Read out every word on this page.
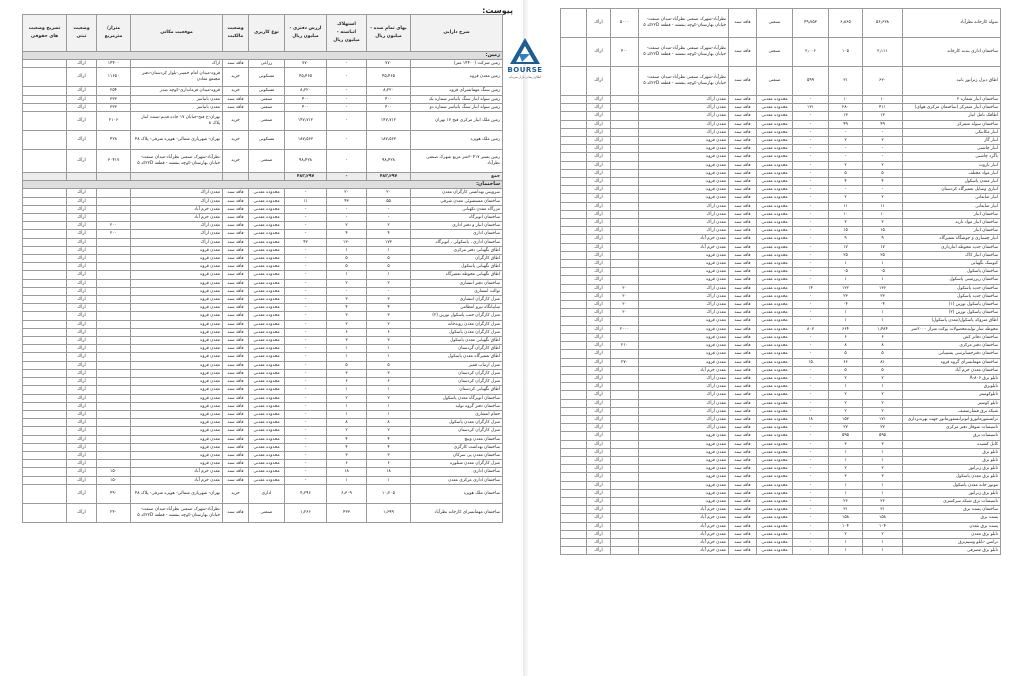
پیوست:
شرح دارایی	بهای تمام شده - میلیون ریال	استهلاک انباشته - میلیون ریال	ارزش دفتری - میلیون ریال	نوع کاربری	وضعیت مالکیت	موقعیت مکانی	متراژ/مترمربع	وضعیت ثبتی	تشریح وضعیت های حقوقی
زمین:									
زمین شرکت (۱۴۴۰۰ متر)	۷۷۰	-	۷۷۰	زراعی	فاقد سند	اراک	۱۴۴۰۰	اراک	
زمین معدن قروه	۴۵٫۴۶۵	-	۴۵٫۴۶۵	مسکونی	خرید	قروه-میدان امام خمینی-بلوار کردستان-دفتر مجتمع معادن	۱۱۶۵۰	اراک	
زمین سنگ مهمانسرای قروه	۸٫۲۲۰	-	۸٫۲۲۰	مسکونی	خرید	قروه-میدان فرمانداری-کوچه صدر	۲۵۴	اراک	
زمین سوله انبار سنگ بانیاسر شماره یک	۴۰۰	-	۴۰۰	صنعتی	فاقد سند	معدن بانیاسر	۳۳۳	اراک	
زمین سوله انبار سنگ بانیاسر شماره دو	۴۰۰	-	۴۰۰	صنعتی	فاقد سند	معدن بانیاسر	۳۳۳	اراک	
زمین ملک انبار مرکزی فتح ۱۷ تهران	۱۴۷٫۷۱۲	-	۱۴۷٫۷۱۲	صنعتی	خرید	تهران-خ فتح-خیابان ۱۷ جاده قدیم-بست انبار پلاک ۸	۲۱۰۶	اراک	
زمین ملک هویزه	۱۸۷٫۵۶۳	-	۱۸۷٫۵۶۳	مسکونی	خرید	تهران- شهرپاری شمالی- هویزه شرقی- پلاک ۴۸	۴۲۸	اراک	
زمین بستر ۳۰۴۱۷متر مربع شهرک صنعتی نظرآباد	۹۸٫۴۲۸	-	۹۸٫۴۲۸	صنعتی	خرید	نظرآباد-شهرک صنعتی نظرآباد-میدان صنعت-خیابان بهارستان-کوچه بنفشه - قطعه ۲۲Dکد ۵	۳۰۴۱۷	اراک	
جمع	۴۸۳٫۲۹۷	-	۴۸۳٫۲۹۷						
ساختمان:									
سرویس بهداشتی کارگران معدن	۲۰	۲۰	-	محدوده معدنی	فاقد سند	معدن اراک		اراک	
ساختمان مستشوئی معدن شرقی	۵۵	۴۳	۱۱	محدوده معدنی	فاقد سند	معدن اراک		اراک	
مزرگاه معدن نکهبانی	-	-	-	محدوده معدنی	فاقد سند	معدن خرم آباد		اراک	
ساختمان اتوبرگاه	-	-	-	محدوده معدنی	فاقد سند	معدن خرم آباد		اراک	
ساختمان انبار و دفتر اداری	۲	۲	-	محدوده معدنی	فاقد سند	معدن اراک	۲۰۰	اراک	
ساختمان اداری	۴	۴	-	محدوده معدنی	فاقد سند	معدن اراک	۲۰۰	اراک	
ساختمان اداری ، پاسکولی ، اتوبرگاه	۱۷۳	۱۳۰	۴۳	محدوده معدنی	فاقد سند	معدن اراک		اراک	
اطاق نگهبانی دفتر مرکزی	۱	۱	-	محدوده معدنی	فاقد سند	معدن قروه		اراک	
اطاق کارگران	۵	۵	-	محدوده معدنی	فاقد سند	معدن قروه		اراک	
اطاق نگهبانی پاسکول	۵	۵	-	محدوده معدنی	فاقد سند	معدن قروه		اراک	
اطاق نگهبانی محوطه تعمیرگاه	۱	۱	-	محدوده معدنی	فاقد سند	معدن قروه		اراک	
ساختمان دفتر انتشاری	۲	۲	-	محدوده معدنی	فاقد سند	معدن قروه		اراک	
توالت انتشاری	-	-	-	محدوده معدنی	فاقد سند	معدن قروه		اراک	
منزل کارگران انتشاری	۳	۳	-	محدوده معدنی	فاقد سند	معدن قروه		اراک	
سایبانگاه تیرو انتظامی	۴	۴	-	محدوده معدنی	فاقد سند	معدن قروه		اراک	
منزل کارگران جنب پاسکول توزین (۲)	۳	۳	-	محدوده معدنی	فاقد سند	معدن قروه		اراک	
منزل کارگران معدن روبه‌خانه	۲	۲	-	محدوده معدنی	فاقد سند	معدن قروه		اراک	
منزل کارگران معدن پاسکول	۶	۶	-	محدوده معدنی	فاقد سند	معدن قروه		اراک	
اطاق نگهبانی معدن پاسکول	۳	۳	-	محدوده معدنی	فاقد سند	معدن قروه		اراک	
اطاق کارگران گردستان	۱	۱	-	محدوده معدنی	فاقد سند	معدن قروه		اراک	
اطاق تعمیرگاه معدن پاسکول	۱	۱	-	محدوده معدنی	فاقد سند	معدن قروه		اراک	
منزل ارتباب قمیر	۵	۵	-	محدوده معدنی	فاقد سند	معدن قروه		اراک	
منزل کارگران کردستان	۳	۳	-	محدوده معدنی	فاقد سند	معدن قروه		اراک	
منزل کارگران کردستان	۶	۶	-	محدوده معدنی	فاقد سند	معدن قروه		اراک	
اطاق نگهبانی کردستان	۱	۱	-	محدوده معدنی	فاقد سند	معدن قروه		اراک	
ساختمان اتوبرگاه معدن پاسکول	۲	۲	-	محدوده معدنی	فاقد سند	معدن قروه		اراک	
ساختمان دفتر گروه تولید	۱	۱	-	محدوده معدنی	فاقد سند	معدن قروه		اراک	
حمام انتشاری	۱	۱	-	محدوده معدنی	فاقد سند	معدن قروه		اراک	
منزل کارگران معدن پاسکول	۸	۸	-	محدوده معدنی	فاقد سند	معدن قروه		اراک	
منزل کارگران کردستان	۲	۲	-	محدوده معدنی	فاقد سند	معدن قروه		اراک	
ساختمان معدن وبیچ	۴	۴	-	محدوده معدنی	فاقد سند	معدن قروه		اراک	
ساختمان بهداشت کارگری	۴	۴	-	محدوده معدنی	فاقد سند	معدن قروه		اراک	
ساختمان معدن پی سرکان	۳	۳	-	محدوده معدنی	فاقد سند	معدن قروه		اراک	
منزل کارگران معدن شنلوره	۶	۶	-	محدوده معدنی	فاقد سند	معدن قروه		اراک	
ساختمان اداری	۱۸	۱۸	-	محدوده معدنی	فاقد سند	معدن خرم آباد	۱۵۰	اراک	
ساختمان اداری مرکزی معدن	۱	۱	-	محدوده معدنی	فاقد سند	معدن خرم آباد	۱۵۰	اراک	
ساختمان ملک هویزه	۱۰٫۲۰۵	۶٫۳۰۹	۴٫۲۹۶	اداری	خرید	تهران- شهرپاری شمالی- هویزه شرقی- پلاک ۴۸	۴۹۰	اراک	
ساختمان مهمانسرای کارخانه نظرآباد	۱٫۶۹۹	۴۳۳	۱٫۲۶۶	صنعتی	فاقد سند	نظرآباد-شهرک صنعتی نظرآباد-میدان صنعت-خیابان بهارستان-کوچه بنفشه - قطعه ۲۲Dکد ۵	۲۴۰	اراک	
BOURSE
اطلاع رسانی بازار سرمایه
سوله کارخانه نظرآباد	۵۶٫۶۳۸	۶٫۸۶۵	۴۹٫۷۵۳	صنعتی	فاقد سند	نظرآباد-شهرک صنعتی نظرآباد-میدان صنعت-خیابان بهارستان-کوچه بنفشه - قطعه ۲۲Dکد ۵	۵۰۰۰	اراک	
ساختمان اداری بندبه کارخانه	۲٫۱۱۱	۱۰۵	۲٫۰۰۶	صنعتی	فاقد سند	نظرآباد-شهرک صنعتی نظرآباد-میدان صنعت-خیابان بهارستان-کوچه بنفشه - قطعه ۲۲Dکد ۵	۴۰۰	اراک	
اطاق دیزل ژنراتور بانید	۶۳۰	۳۱	۵۹۹	صنعتی	فاقد سند	نظرآباد-شهرک صنعتی نظرآباد-میدان صنعت-خیابان بهارستان-کوچه بنفشه - قطعه ۲۲Dکد ۵		اراک	
ساختمان انبار شماره ۲	۱۰	۱۰	-	محدوده معدنی	فاقد سند	معدن اراک		اراک	
ساختمان انبار متمرکز (ساختمان مرکزی هوای)	۴۱۱	۲۸۰	۱۳۱	محدوده معدنی	فاقد سند	معدن اراک		اراک	
اطاقک تامل انبار	۱۳	۱۳	-	محدوده معدنی	فاقد سند	معدن اراک		اراک	
ساختمان سوله متمرکز	۴۹	۴۹	-	محدوده معدنی	فاقد سند	معدن اراک		اراک	
انبار مکانیکی	-	-	-	محدوده معدنی	فاقد سند	معدن اراک		اراک	
انبار گاز	۲	۲	-	محدوده معدنی	فاقد سند	معدن قروه		اراک	
انبار چاشنی	-	-	-	محدوده معدنی	فاقد سند	معدن قروه		اراک	
باگرد چاشنی	-	-	-	محدوده معدنی	فاقد سند	معدن قروه		اراک	
انبار باروت	۲	۲	-	محدوده معدنی	فاقد سند	معدن قروه		اراک	
انبار مواد مختلف	۵	۵	-	محدوده معدنی	فاقد سند	معدن قروه		اراک	
انبار معدن پاسکول	۴	۴	-	محدوده معدنی	فاقد سند	معدن قروه		اراک	
انباری وسایل تعمیرگاه کردستان	-	-	-	محدوده معدنی	فاقد سند	معدن قروه		اراک	
انبار ضایعاتی	۲	۲	-	محدوده معدنی	فاقد سند	معدن قروه		اراک	
انبار ضایعاتی	۱۱	۱۱	-	محدوده معدنی	فاقد سند	معدن اراک		اراک	
ساختمان انبار	۱۰	۱۰	-	محدوده معدنی	فاقد سند	معدن اراک		اراک	
ساختمان انبار مواد نارنه	۳	۳	-	محدوده معدنی	فاقد سند	معدن اراک		اراک	
ساختمان انبار	۱۵	۱۵	-	محدوده معدنی	فاقد سند	معدن اراک		اراک	
انبار چسباری و جوشگاه تعمیرگاه	۹	۹	-	محدوده معدنی	فاقد سند	معدن خرم آباد		اراک	
ساختمان جدید محوطه انبارداری	۱۷	۱۷	-	محدوده معدنی	فاقد سند	معدن خرم آباد		اراک	
ساختمان انبار کاک	۲۵	۲۵	-	محدوده معدنی	فاقد سند	معدن قروه		اراک	
کیوسک نگهبانی	۱	۱	-	محدوده معدنی	فاقد سند	معدن قروه		اراک	
ساختمان پاسکول	۰۵	۰۵	-	محدوده معدنی	فاقد سند	معدن قروه		اراک	
ساختمان زیرزمینی پاسکول	۱	۱	-	محدوده معدنی	فاقد سند	معدن قروه		اراک	
ساختمان جدید پاسکول	۱۳۶	۱۲۲	۱۴	محدوده معدنی	فاقد سند	معدن اراک	۲۰	اراک	
ساختمان جدید پاسکول	۲۳	۲۳	-	محدوده معدنی	فاقد سند	معدن اراک	۲۰	اراک	
ساختمان پاسکول توزین (۱)	۰۴	۰۴	-	محدوده معدنی	فاقد سند	معدن اراک	۲۰	اراک	
ساختمان پاسکول توزین (۲)	۱	۱	-	محدوده معدنی	فاقد سند	معدن اراک	۲۰	اراک	
اطاق متروکه پاسکول(معدن پاسکول)	۱	۱	-	محدوده معدنی	فاقد سند	معدن قروه		اراک	
محوطه ساز تولیدمحصولات بوکت متراژ ۲۰۰۰متر	۱٫۴۸۴	۶۶۴	۸۰۷	محدوده معدنی	فاقد سند	معدن قروه	۲۰۰۰	اراک	
ساختمان دفاتر کش	۶	۶	-	محدوده معدنی	فاقد سند	معدن قروه		اراک	
ساختمان دفتر مرکزی	۸	۸	-	محدوده معدنی	فاقد سند	معدن قروه	۲۱۰	اراک	
ساختمان دفترحسابرسی پشتیبانی	۵	۵	-	محدوده معدنی	فاقد سند	معدن قروه		اراک	
ساختمان مهمانسرای گروه قروه	۸۱	۶۶	۱۵	محدوده معدنی	فاقد سند	معدن قروه	۲۷۰	اراک	
ساختمان معدن خرم آباد	۵	۵	-	محدوده معدنی	فاقد سند	معدن خرم آباد		اراک	
تابلو برق ۸۰۶-A	۲	۲	-	محدوده معدنی	فاقد سند	معدن اراک		اراک	
تابلوبرق	۱	۱	-	محدوده معدنی	فاقد سند	معدن اراک		اراک	
تابلوکوستر	۲	۲	-	محدوده معدنی	فاقد سند	معدن اراک		اراک	
تابلو کوستر	۲	۲	-	محدوده معدنی	فاقد سند	معدن اراک		اراک	
شبکه برق فشارضعیف	۲	۲	-	محدوده معدنی	فاقد سند	معدن اراک		اراک	
ترانسفورماتورو اتوترانسفورماتور جهت بهره‌برداری	۱۷۱	۱۵۳	۱۸	محدوده معدنی	فاقد سند	معدن اراک		اراک	
تاسیسات شوفاژ دفتر مرکزی	۲۷	۲۷	-	محدوده معدنی	فاقد سند	معدن اراک		اراک	
تاسیسات برق	۵۹۵	۵۹۵	-	محدوده معدنی	فاقد سند	معدن قروه		اراک	
کابل کشیده	۳	۳	-	محدوده معدنی	فاقد سند	معدن قروه		اراک	
تابلو برق	۱	۱	-	محدوده معدنی	فاقد سند	معدن قروه		اراک	
تابلو برق	۱	۱	-	محدوده معدنی	فاقد سند	معدن قروه		اراک	
تابلو برق ژنراتور	۲	۲	-	محدوده معدنی	فاقد سند	معدن قروه		اراک	
تابلو برق معدن پاسکول	۳	۳	-	محدوده معدنی	فاقد سند	معدن قروه		اراک	
موتور خانه معدن پاسکول	۱	۱	-	محدوده معدنی	فاقد سند	معدن قروه		اراک	
تابلو برق ژنراتور	۱	۱	-	محدوده معدنی	فاقد سند	معدن قروه		اراک	
تاسیسات برق شبکه سرکسری	۲۶	۲۶	-	محدوده معدنی	فاقد سند	معدن قروه		اراک	
ساختمان پست برق	۳۱	۳۱	-	محدوده معدنی	فاقد سند	معدن خرم آباد		اراک	
پست برق	۱۵۸	۱۵۸	-	محدوده معدنی	فاقد سند	معدن خرم آباد		اراک	
پست برق معدن	۱۰۴	۱۰۴	-	محدوده معدنی	فاقد سند	معدن خرم آباد		اراک	
تابلو برق معدن	۲	۲	-	محدوده معدنی	فاقد سند	معدن خرم آباد		اراک	
ترانس -تابلو وسیم‌برق	۱	۱	-	محدوده معدنی	فاقد سند	معدن خرم آباد		اراک	
تابلو برق مصرفی	۱	۱	-	محدوده معدنی	فاقد سند	معدن خرم آباد		اراک	
